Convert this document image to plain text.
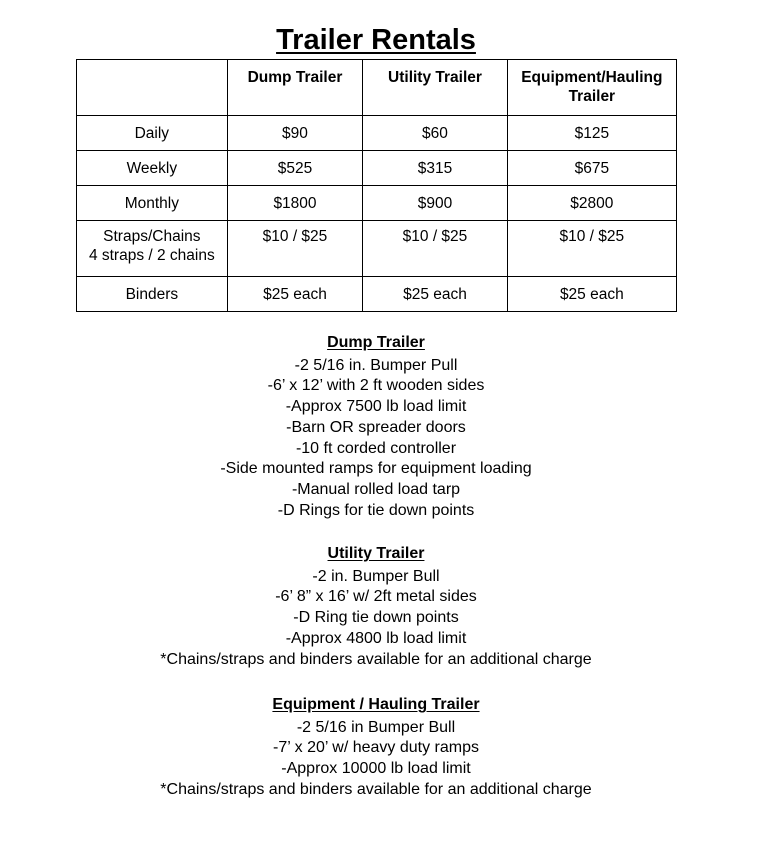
Trailer Rentals
	Dump Trailer	Utility Trailer	Equipment/Hauling Trailer
Daily	$90	$60	$125
Weekly	$525	$315	$675
Monthly	$1800	$900	$2800
Straps/Chains
4 straps / 2 chains	$10 / $25	$10 / $25	$10 / $25
Binders	$25 each	$25 each	$25 each
Dump Trailer
-2 5/16 in. Bumper Pull
-6’ x 12’ with 2 ft wooden sides
-Approx 7500 lb load limit
-Barn OR spreader doors
-10 ft corded controller
-Side mounted ramps for equipment loading
-Manual rolled load tarp
-D Rings for tie down points
Utility Trailer
-2 in. Bumper Bull
-6’ 8” x 16’ w/ 2ft metal sides
-D Ring tie down points
-Approx 4800 lb load limit
*Chains/straps and binders available for an additional charge
Equipment / Hauling Trailer
-2 5/16 in Bumper Bull
-7’ x 20’ w/ heavy duty ramps
-Approx 10000 lb load limit
*Chains/straps and binders available for an additional charge
